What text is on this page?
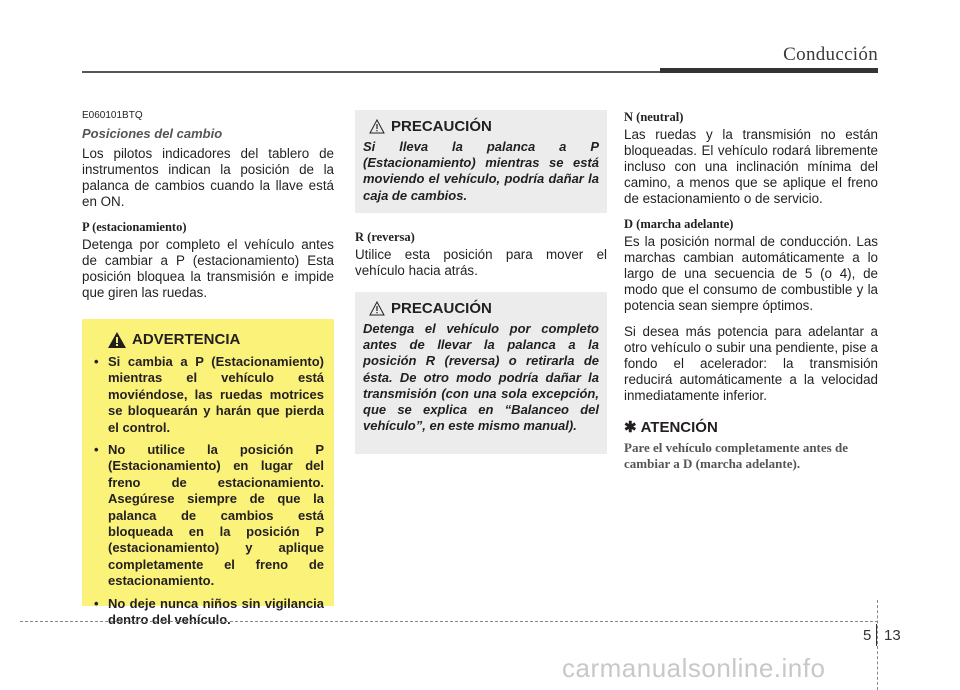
Conducción
E060101BTQ
Posiciones del cambio

Los pilotos indicadores del tablero de instrumentos indican la posición de la palanca de cambios cuando la llave está en ON.

P (estacionamiento)

Detenga por completo el vehículo antes de cambiar a P (estacionamiento) Esta posición bloquea la transmisión e impide que giren las ruedas.

ADVERTENCIA
• Si cambia a P (Estacionamiento) mientras el vehículo está moviéndose, las ruedas motrices se bloquearán y harán que pierda el control.
• No utilice la posición P (Estacionamiento) en lugar del freno de estacionamiento. Asegúrese siempre de que la palanca de cambios está bloqueada en la posición P (estacionamiento) y aplique completamente el freno de estacionamiento.
• No deje nunca niños sin vigilancia dentro del vehículo.
PRECAUCIÓN
Si lleva la palanca a P (Estacionamiento) mientras se está moviendo el vehículo, podría dañar la caja de cambios.
R (reversa)

Utilice esta posición para mover el vehículo hacia atrás.

PRECAUCIÓN
Detenga el vehículo por completo antes de llevar la palanca a la posición R (reversa) o retirarla de ésta. De otro modo podría dañar la transmisión (con una sola excepción, que se explica en “Balanceo del vehículo”, en este mismo manual).
N (neutral)

Las ruedas y la transmisión no están bloqueadas. El vehículo rodará libremente incluso con una inclinación mínima del camino, a menos que se aplique el freno de estacionamiento o de servicio.

D (marcha adelante)

Es la posición normal de conducción. Las marchas cambian automáticamente a lo largo de una secuencia de 5 (o 4), de modo que el consumo de combustible y la potencia sean siempre óptimos.

Si desea más potencia para adelantar a otro vehículo o subir una pendiente, pise a fondo el acelerador: la transmisión reducirá automáticamente a la velocidad inmediatamente inferior.

✱ ATENCIÓN
Pare el vehículo completamente antes de cambiar a D (marcha adelante).
5 13
carmanualsonline.info
